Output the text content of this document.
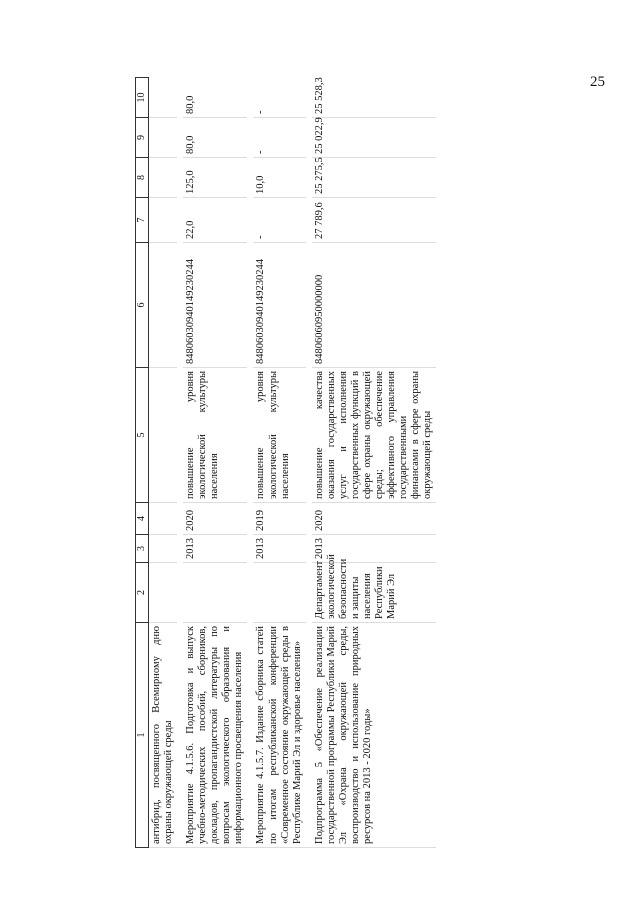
25
1	2	3	4	5	6	7	8	9	10
антибрид, посвященного Всемирному дню охраны окружающей среды									

Мероприятие 4.1.5.6. Подготовка и выпуск учебно-методических пособий, сборников, докладов, пропагандистской литературы по вопросам экологического образования и информационного просвещения населения		2013	2020	повышение уровня экологической культуры населения	84806030940149230244	22,0	125,0	80,0	80,0

Мероприятие 4.1.5.7. Издание сборника статей по итогам республиканской конференции «Современное состояние окружающей среды в Республике Марий Эл и здоровье населения»		2013	2019	повышение уровня экологической культуры населения	84806030940149230244	-	10,0	-	-

Подпрограмма 5 «Обеспечение реализации государственной программы Республики Марий Эл «Охрана окружающей среды, воспроизводство и использование природных ресурсов на 2013 - 2020 годы»	Департамент экологической безопасности и защиты населения Республики Марий Эл	2013	2020	повышение качества оказания государственных услуг и исполнения государственных функций в сфере охраны окружающей среды; обеспечение эффективного управления государственными финансами в сфере охраны окружающей среды	84806060950000000	27 789,6	25 275,5	25 022,9	25 528,3
